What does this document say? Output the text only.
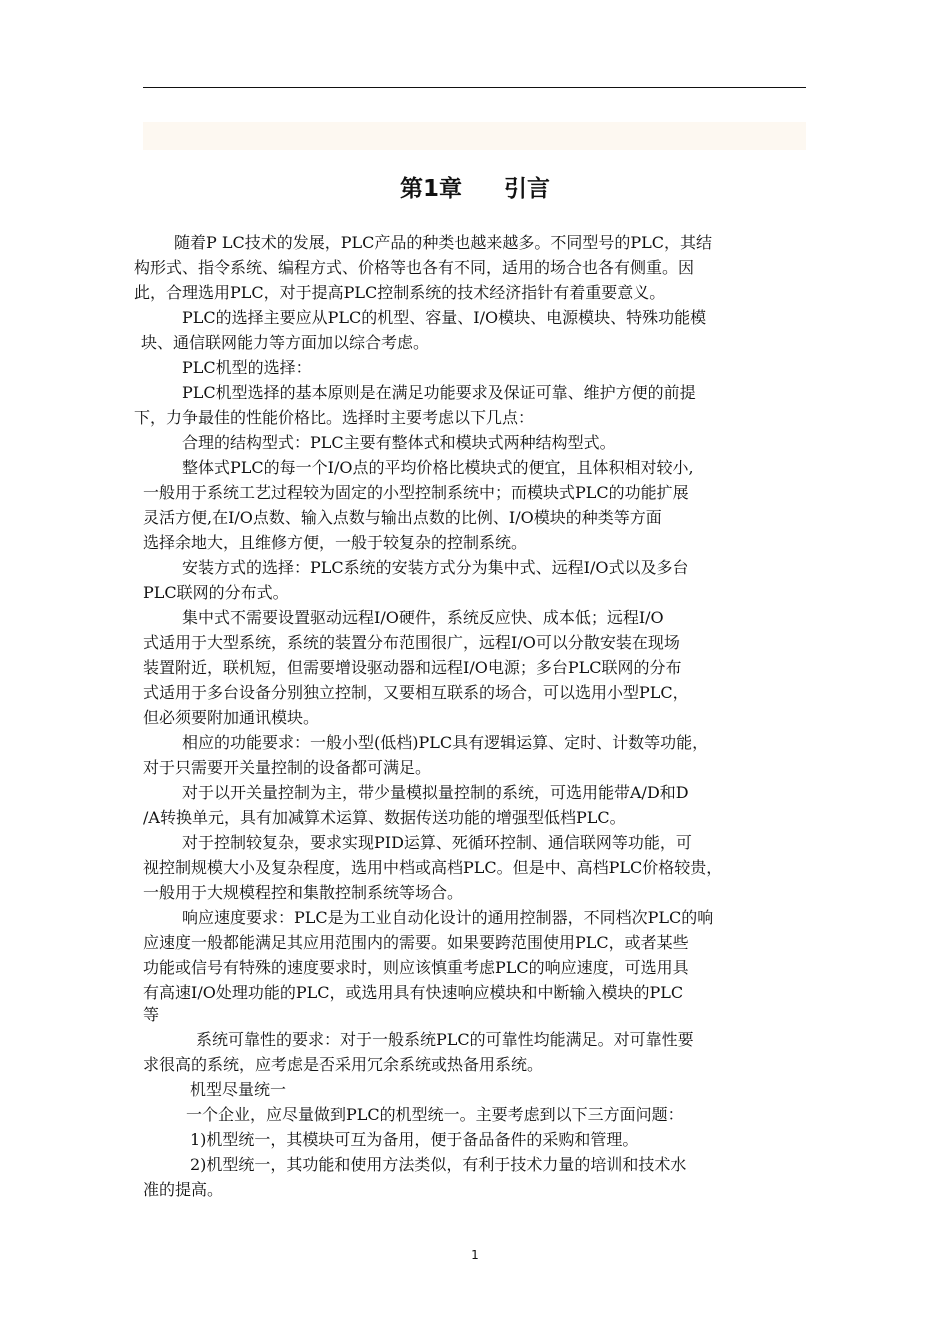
第1章 引言
随着P LC技术的发展，PLC产品的种类也越来越多。不同型号的PLC，其结
构形式、指令系统、编程方式、价格等也各有不同，适用的场合也各有侧重。因
此，合理选用PLC，对于提高PLC控制系统的技术经济指针有着重要意义。
PLC的选择主要应从PLC的机型、容量、I/O模块、电源模块、特殊功能模
块、通信联网能力等方面加以综合考虑。
PLC机型的选择：
PLC机型选择的基本原则是在满足功能要求及保证可靠、维护方便的前提
下，力争最佳的性能价格比。选择时主要考虑以下几点：
合理的结构型式：PLC主要有整体式和模块式两种结构型式。
整体式PLC的每一个I/O点的平均价格比模块式的便宜，且体积相对较小,
一般用于系统工艺过程较为固定的小型控制系统中；而模块式PLC的功能扩展
灵活方便,在I/O点数、输入点数与输出点数的比例、I/O模块的种类等方面
选择余地大，且维修方便，一般于较复杂的控制系统。
安装方式的选择：PLC系统的安装方式分为集中式、远程I/O式以及多台
PLC联网的分布式。
集中式不需要设置驱动远程I/O硬件，系统反应快、成本低；远程I/O
式适用于大型系统，系统的装置分布范围很广，远程I/O可以分散安装在现场
装置附近，联机短，但需要增设驱动器和远程I/O电源；多台PLC联网的分布
式适用于多台设备分别独立控制，又要相互联系的场合，可以选用小型PLC，
但必须要附加通讯模块。
相应的功能要求：一般小型(低档)PLC具有逻辑运算、定时、计数等功能，
对于只需要开关量控制的设备都可满足。
对于以开关量控制为主，带少量模拟量控制的系统，可选用能带A/D和D
/A转换单元，具有加减算术运算、数据传送功能的增强型低档PLC。
对于控制较复杂，要求实现PID运算、死循环控制、通信联网等功能，可
视控制规模大小及复杂程度，选用中档或高档PLC。但是中、高档PLC价格较贵，
一般用于大规模程控和集散控制系统等场合。
响应速度要求：PLC是为工业自动化设计的通用控制器，不同档次PLC的响
应速度一般都能满足其应用范围内的需要。如果要跨范围使用PLC，或者某些
功能或信号有特殊的速度要求时，则应该慎重考虑PLC的响应速度，可选用具
有高速I/O处理功能的PLC，或选用具有快速响应模块和中断输入模块的PLC
等
系统可靠性的要求：对于一般系统PLC的可靠性均能满足。对可靠性要
求很高的系统，应考虑是否采用冗余系统或热备用系统。
机型尽量统一
一个企业，应尽量做到PLC的机型统一。主要考虑到以下三方面问题：
1)机型统一，其模块可互为备用，便于备品备件的采购和管理。
2)机型统一，其功能和使用方法类似，有利于技术力量的培训和技术水
准的提高。
1
